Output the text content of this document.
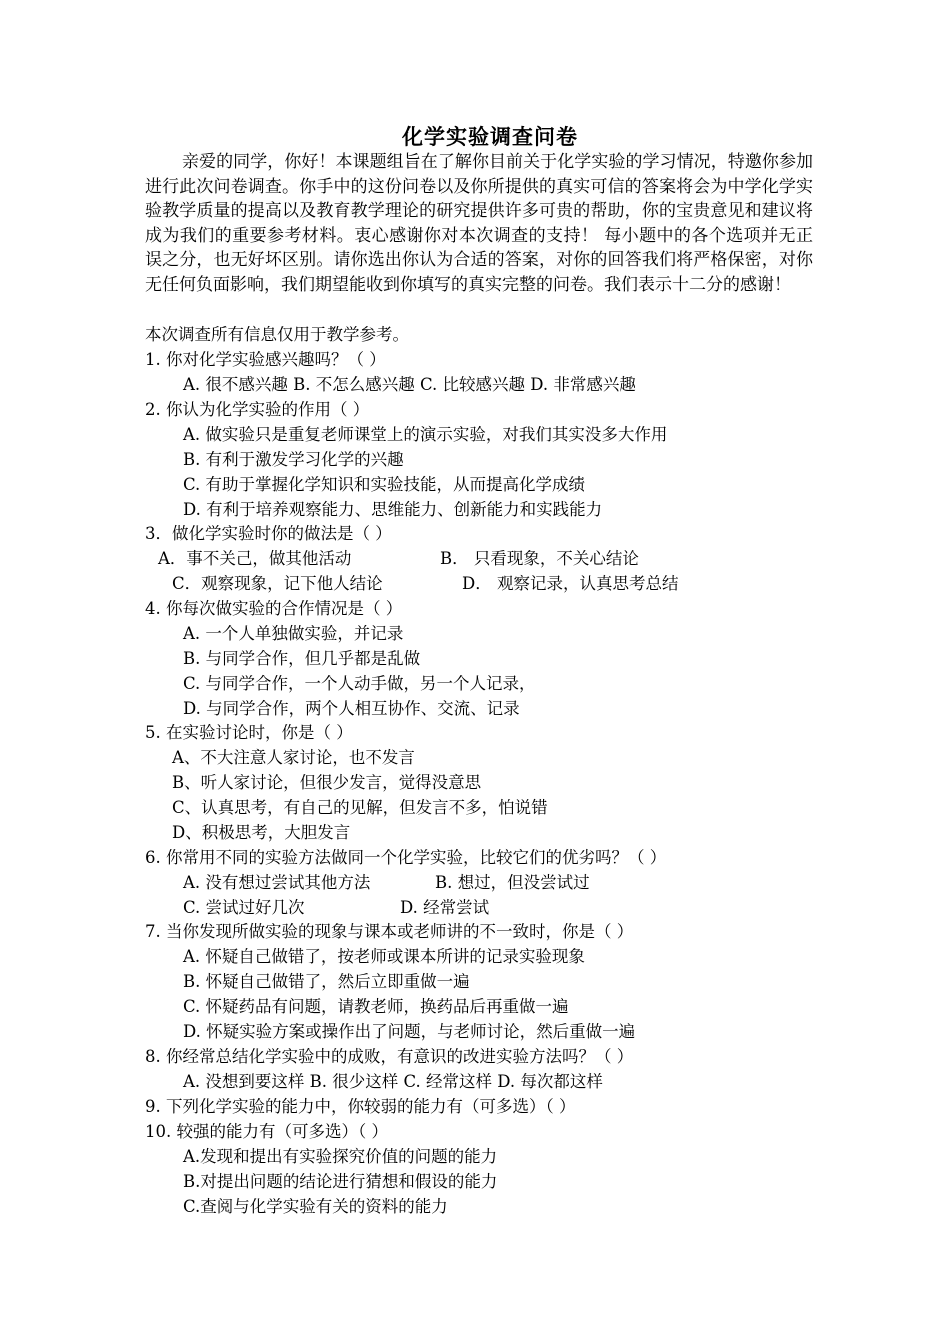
化学实验调查问卷

亲爱的同学，你好！本课题组旨在了解你目前关于化学实验的学习情况，特邀你参加进行此次问卷调查。你手中的这份问卷以及你所提供的真实可信的答案将会为中学化学实验教学质量的提高以及教育教学理论的研究提供许多可贵的帮助，你的宝贵意见和建议将成为我们的重要参考材料。衷心感谢你对本次调查的支持！ 每小题中的各个选项并无正误之分，也无好坏区别。请你选出你认为合适的答案，对你的回答我们将严格保密，对你无任何负面影响，我们期望能收到你填写的真实完整的问卷。我们表示十二分的感谢！

本次调查所有信息仅用于教学参考。

1. 你对化学实验感兴趣吗？（ ）

A. 很不感兴趣 B. 不怎么感兴趣 C. 比较感兴趣 D. 非常感兴趣

2. 你认为化学实验的作用（ ）

A. 做实验只是重复老师课堂上的演示实验，对我们其实没多大作用

B. 有利于激发学习化学的兴趣

C. 有助于掌握化学知识和实验技能，从而提高化学成绩

D. 有利于培养观察能力、思维能力、创新能力和实践能力

3．做化学实验时你的做法是（ ）

A．事不关己，做其他活动	B． 只看现象，不关心结论

C．观察现象，记下他人结论	D． 观察记录，认真思考总结

4. 你每次做实验的合作情况是（ ）

A. 一个人单独做实验，并记录

B. 与同学合作，但几乎都是乱做

C. 与同学合作，一个人动手做，另一个人记录，

D. 与同学合作，两个人相互协作、交流、记录

5. 在实验讨论时，你是（ ）

A、不大注意人家讨论，也不发言

B、听人家讨论，但很少发言，觉得没意思

C、认真思考，有自己的见解，但发言不多，怕说错

D、积极思考，大胆发言

6. 你常用不同的实验方法做同一个化学实验，比较它们的优劣吗？（ ）

A. 没有想过尝试其他方法	B. 想过，但没尝试过

C. 尝试过好几次	D. 经常尝试

7. 当你发现所做实验的现象与课本或老师讲的不一致时，你是（ ）

A. 怀疑自己做错了，按老师或课本所讲的记录实验现象

B. 怀疑自己做错了，然后立即重做一遍

C. 怀疑药品有问题，请教老师，换药品后再重做一遍

D. 怀疑实验方案或操作出了问题，与老师讨论，然后重做一遍

8. 你经常总结化学实验中的成败，有意识的改进实验方法吗？（ ）

A. 没想到要这样 B. 很少这样 C. 经常这样 D. 每次都这样

9. 下列化学实验的能力中，你较弱的能力有（可多选）（ ）

10. 较强的能力有（可多选）（ ）

A.发现和提出有实验探究价值的问题的能力

B.对提出问题的结论进行猜想和假设的能力

C.查阅与化学实验有关的资料的能力
